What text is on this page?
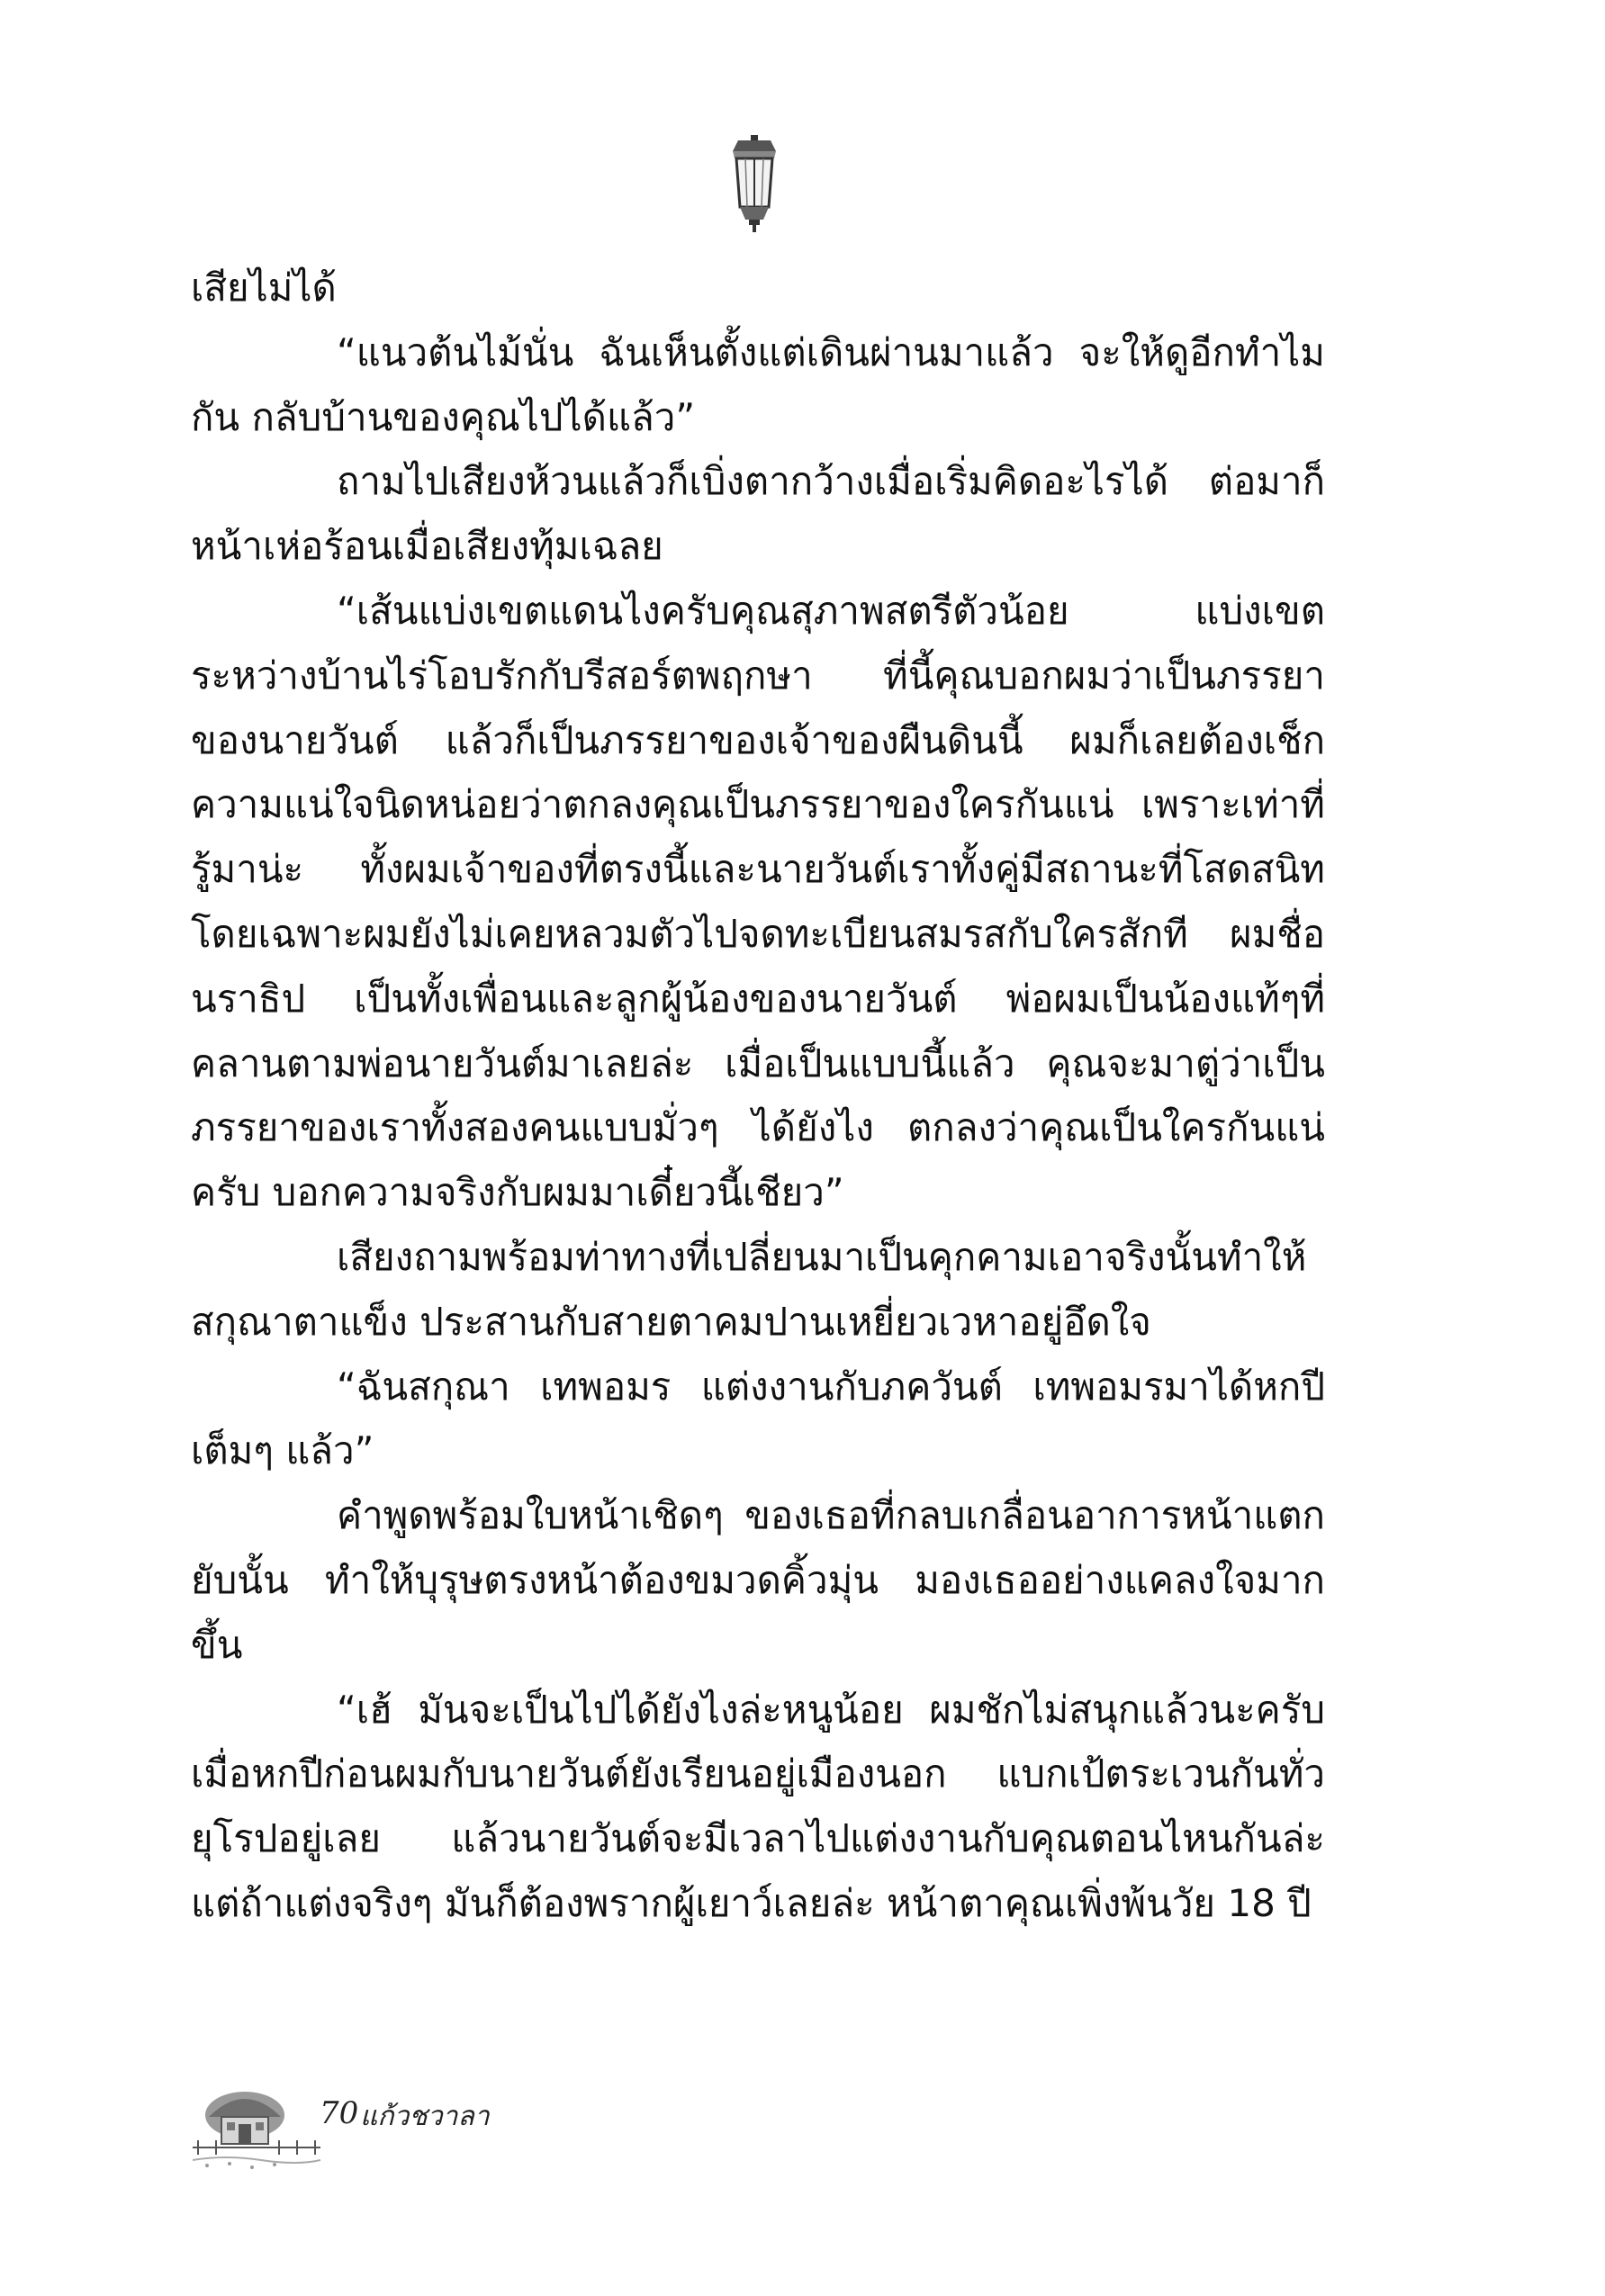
เสียไม่ได้

“แนวต้นไม้นั่น ฉันเห็นตั้งแต่เดินผ่านมาแล้ว จะให้ดูอีกทำไมกัน กลับบ้านของคุณไปได้แล้ว”

ถามไปเสียงห้วนแล้วก็เบิ่งตากว้างเมื่อเริ่มคิดอะไรได้ ต่อมาก็หน้าเห่อร้อนเมื่อเสียงทุ้มเฉลย

“เส้นแบ่งเขตแดนไงครับคุณสุภาพสตรีตัวน้อย แบ่งเขตระหว่างบ้านไร่โอบรักกับรีสอร์ตพฤกษา ที่นี้คุณบอกผมว่าเป็นภรรยาของนายวันต์ แล้วก็เป็นภรรยาของเจ้าของผืนดินนี้ ผมก็เลยต้องเช็กความแน่ใจนิดหน่อยว่าตกลงคุณเป็นภรรยาของใครกันแน่ เพราะเท่าที่รู้มาน่ะ ทั้งผมเจ้าของที่ตรงนี้และนายวันต์เราทั้งคู่มีสถานะที่โสดสนิทโดยเฉพาะผมยังไม่เคยหลวมตัวไปจดทะเบียนสมรสกับใครสักที ผมชื่อนราธิป เป็นทั้งเพื่อนและลูกผู้น้องของนายวันต์ พ่อผมเป็นน้องแท้ๆที่คลานตามพ่อนายวันต์มาเลยล่ะ เมื่อเป็นแบบนี้แล้ว คุณจะมาตู่ว่าเป็นภรรยาของเราทั้งสองคนแบบมั่วๆ ได้ยังไง ตกลงว่าคุณเป็นใครกันแน่ครับ บอกความจริงกับผมมาเดี๋ยวนี้เชียว”

เสียงถามพร้อมท่าทางที่เปลี่ยนมาเป็นคุกคามเอาจริงนั้นทำให้สกุณาตาแข็ง ประสานกับสายตาคมปานเหยี่ยวเวหาอยู่อึดใจ

“ฉันสกุณา เทพอมร แต่งงานกับภควันต์ เทพอมรมาได้หกปีเต็มๆ แล้ว”

คำพูดพร้อมใบหน้าเชิดๆ ของเธอที่กลบเกลื่อนอาการหน้าแตกยับนั้น ทำให้บุรุษตรงหน้าต้องขมวดคิ้วมุ่น มองเธออย่างแคลงใจมากขึ้น

“เฮ้ มันจะเป็นไปได้ยังไงล่ะหนูน้อย ผมชักไม่สนุกแล้วนะครับ เมื่อหกปีก่อนผมกับนายวันต์ยังเรียนอยู่เมืองนอก แบกเป้ตระเวนกันทั่วยุโรปอยู่เลย แล้วนายวันต์จะมีเวลาไปแต่งงานกับคุณตอนไหนกันล่ะ แต่ถ้าแต่งจริงๆ มันก็ต้องพรากผู้เยาว์เลยล่ะ หน้าตาคุณเพิ่งพ้นวัย 18 ปี

70 แก้วชวาลา
